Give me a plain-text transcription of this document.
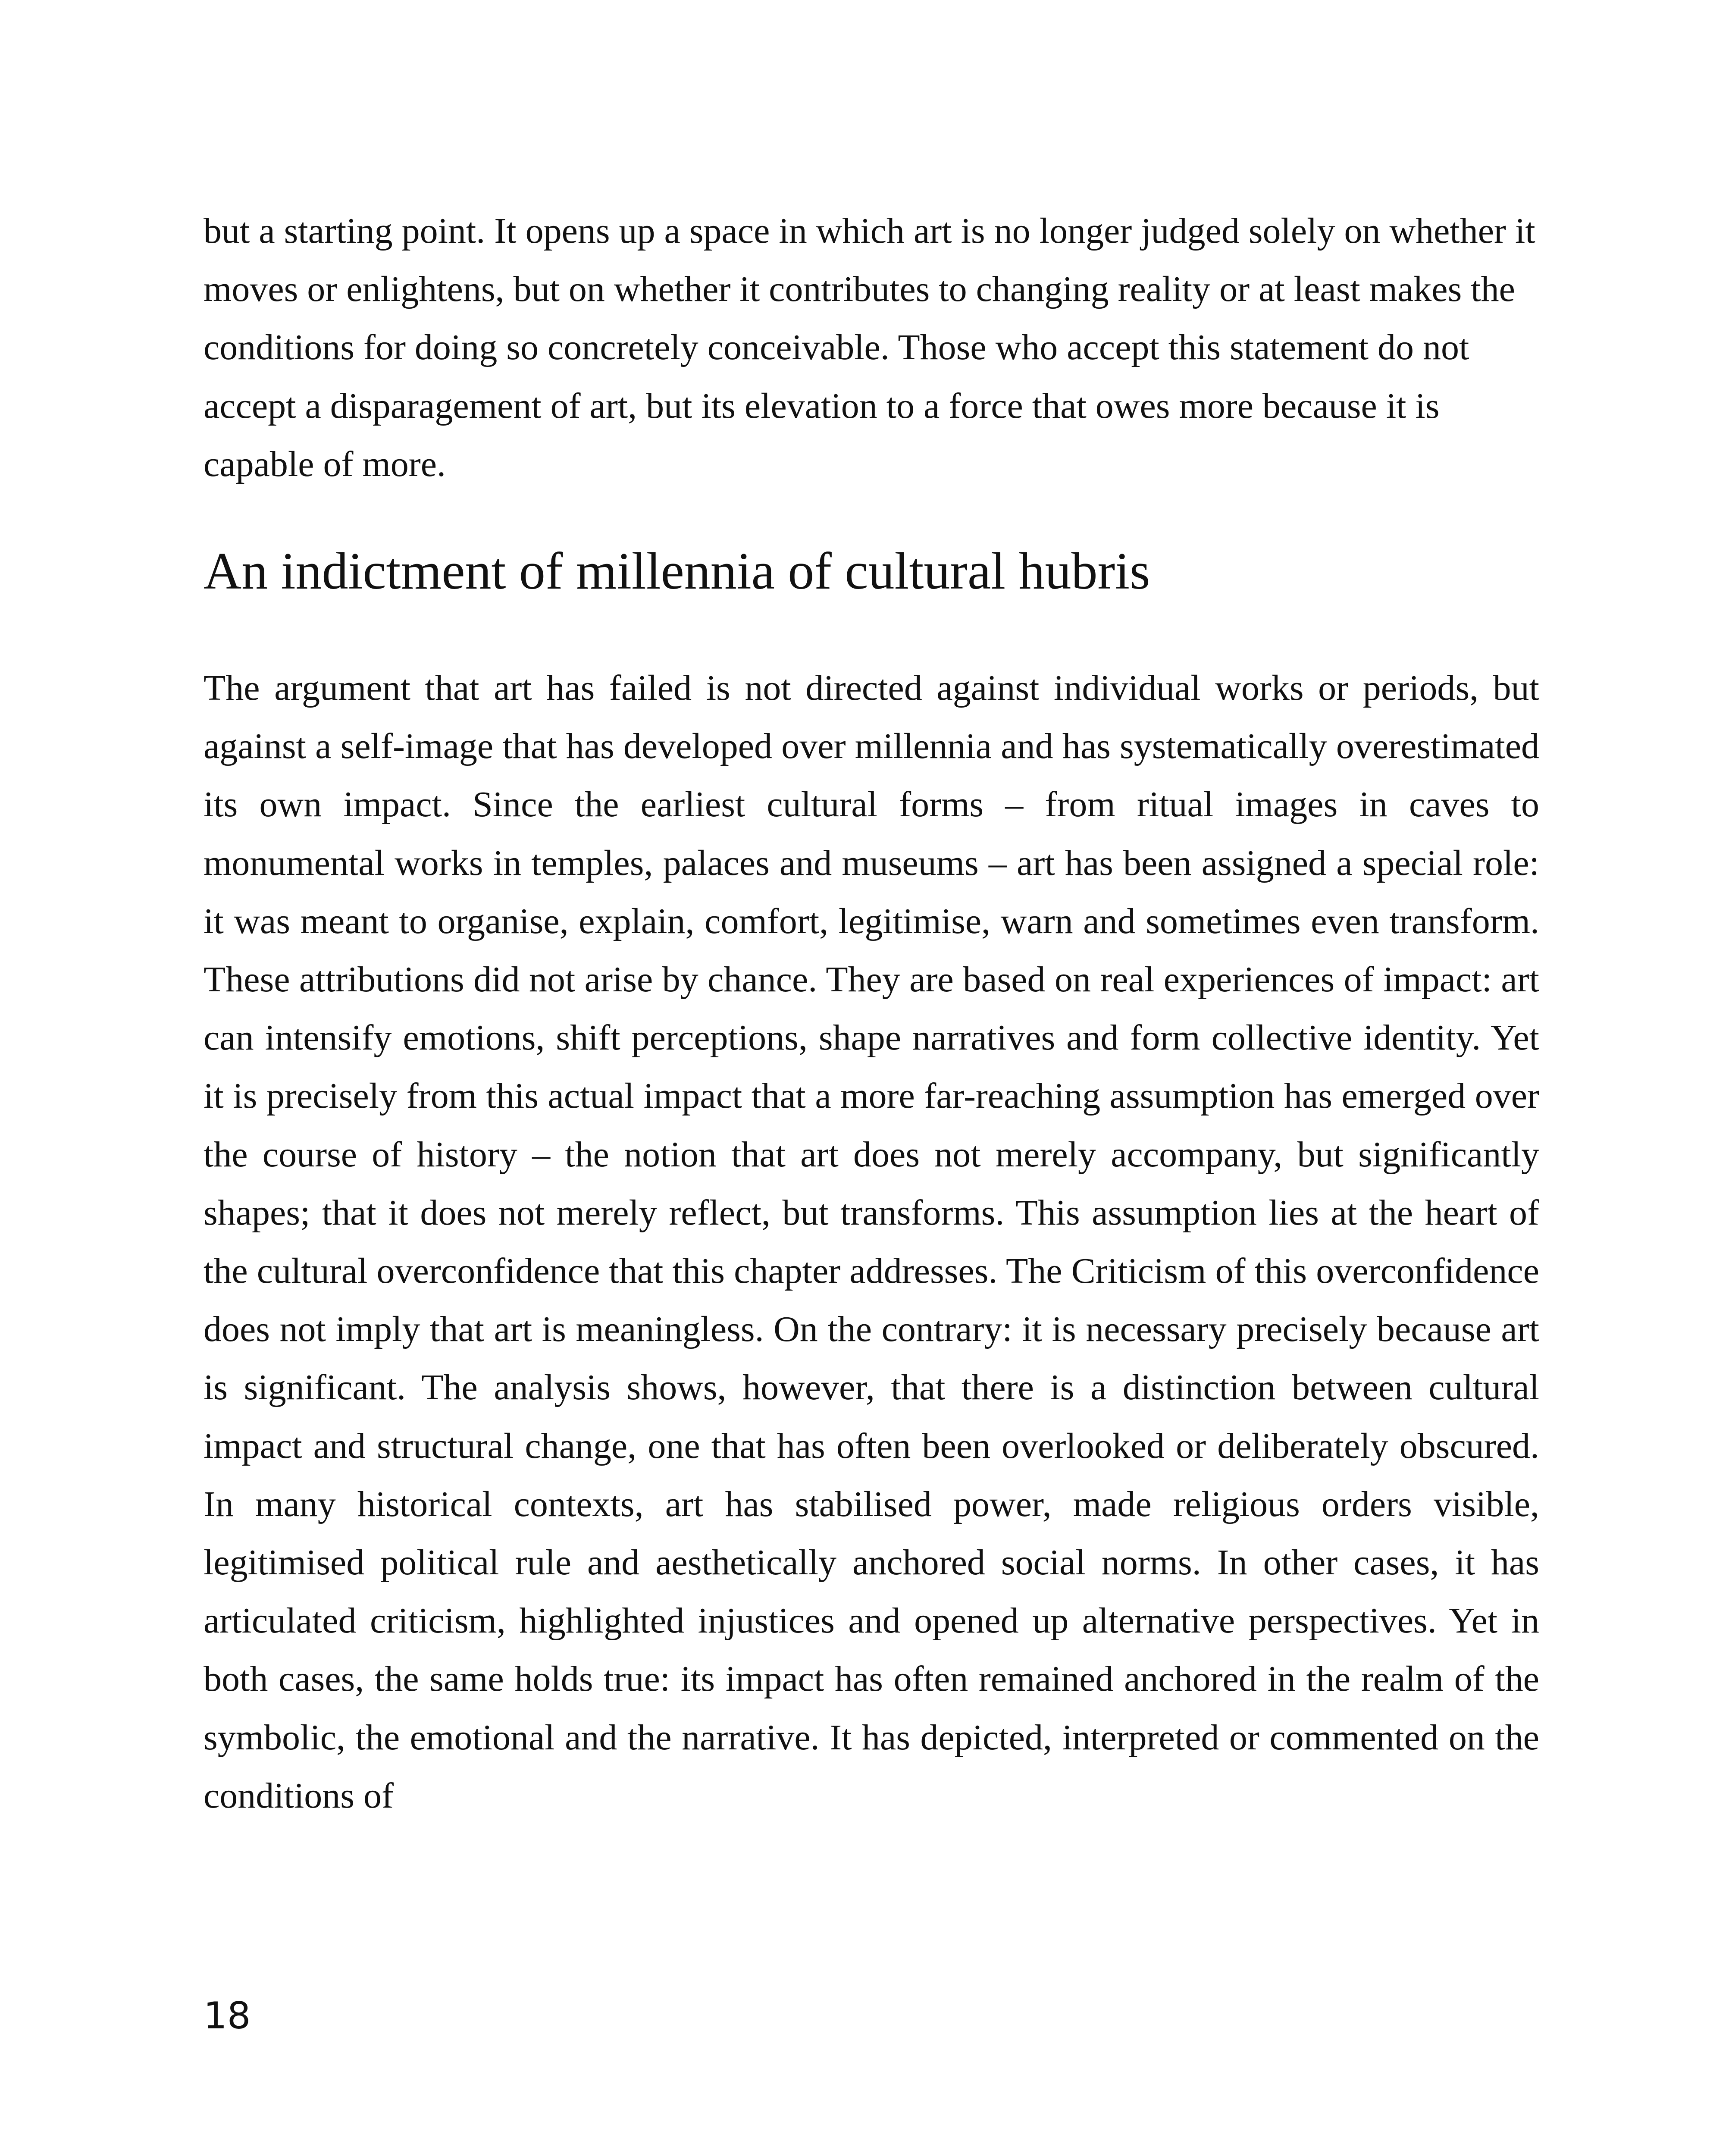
but a starting point. It opens up a space in which art is no longer judged solely on whether it moves or enlightens, but on whether it contributes to changing reality or at least makes the conditions for doing so concretely conceivable. Those who accept this statement do not accept a disparagement of art, but its elevation to a force that owes more because it is capable of more.

An indictment of millennia of cultural hubris

The argument that art has failed is not directed against individual works or periods, but against a self-image that has developed over millennia and has systematically overestimated its own impact. Since the earliest cultural forms – from ritual images in caves to monumental works in temples, palaces and museums – art has been assigned a special role: it was meant to organise, explain, comfort, legitimise, warn and sometimes even transform. These attributions did not arise by chance. They are based on real experiences of impact: art can intensify emotions, shift perceptions, shape narratives and form collective identity. Yet it is precisely from this actual impact that a more far-reaching assumption has emerged over the course of history – the notion that art does not merely accompany, but significantly shapes; that it does not merely reflect, but transforms. This assumption lies at the heart of the cultural overconfidence that this chapter addresses. The Criticism of this overconfidence does not imply that art is meaningless. On the contrary: it is necessary precisely because art is significant. The analysis shows, however, that there is a distinction between cultural impact and structural change, one that has often been overlooked or deliberately obscured. In many historical contexts, art has stabilised power, made religious orders visible, legitimised political rule and aesthetically anchored social norms. In other cases, it has articulated criticism, highlighted injustices and opened up alternative perspectives. Yet in both cases, the same holds true: its impact has often remained anchored in the realm of the symbolic, the emotional and the narrative. It has depicted, interpreted or commented on the conditions of

18
